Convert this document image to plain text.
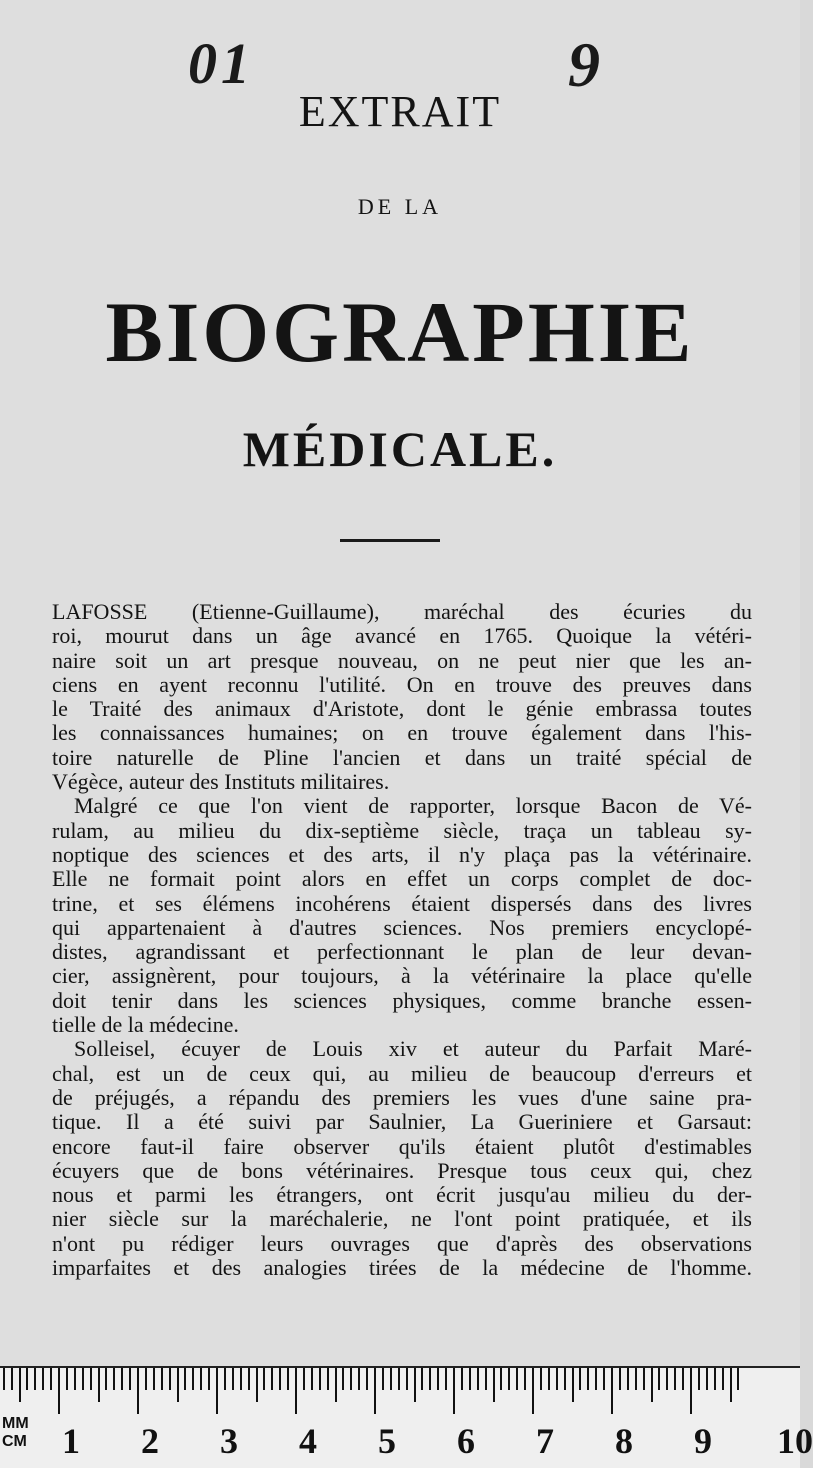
01	9
EXTRAIT
DE LA
BIOGRAPHIE
MÉDICALE.
LAFOSSE (Etienne-Guillaume), maréchal des écuries du
roi, mourut dans un âge avancé en 1765. Quoique la vétéri-
naire soit un art presque nouveau, on ne peut nier que les an-
ciens en ayent reconnu l'utilité. On en trouve des preuves dans
le Traité des animaux d'Aristote, dont le génie embrassa toutes
les connaissances humaines; on en trouve également dans l'his-
toire naturelle de Pline l'ancien et dans un traité spécial de
Végèce, auteur des Instituts militaires.
Malgré ce que l'on vient de rapporter, lorsque Bacon de Vé-
rulam, au milieu du dix-septième siècle, traça un tableau sy-
noptique des sciences et des arts, il n'y plaça pas la vétérinaire.
Elle ne formait point alors en effet un corps complet de doc-
trine, et ses élémens incohérens étaient dispersés dans des livres
qui appartenaient à d'autres sciences. Nos premiers encyclopé-
distes, agrandissant et perfectionnant le plan de leur devan-
cier, assignèrent, pour toujours, à la vétérinaire la place qu'elle
doit tenir dans les sciences physiques, comme branche essen-
tielle de la médecine.
Solleisel, écuyer de Louis xiv et auteur du Parfait Maré-
chal, est un de ceux qui, au milieu de beaucoup d'erreurs et
de préjugés, a répandu des premiers les vues d'une saine pra-
tique. Il a été suivi par Saulnier, La Gueriniere et Garsaut:
encore faut-il faire observer qu'ils étaient plutôt d'estimables
écuyers que de bons vétérinaires. Presque tous ceux qui, chez
nous et parmi les étrangers, ont écrit jusqu'au milieu du der-
nier siècle sur la maréchalerie, ne l'ont point pratiquée, et ils
n'ont pu rédiger leurs ouvrages que d'après des observations
imparfaites et des analogies tirées de la médecine de l'homme.
MM
CM 1 2 3 4 5 6 7 8 9 10
